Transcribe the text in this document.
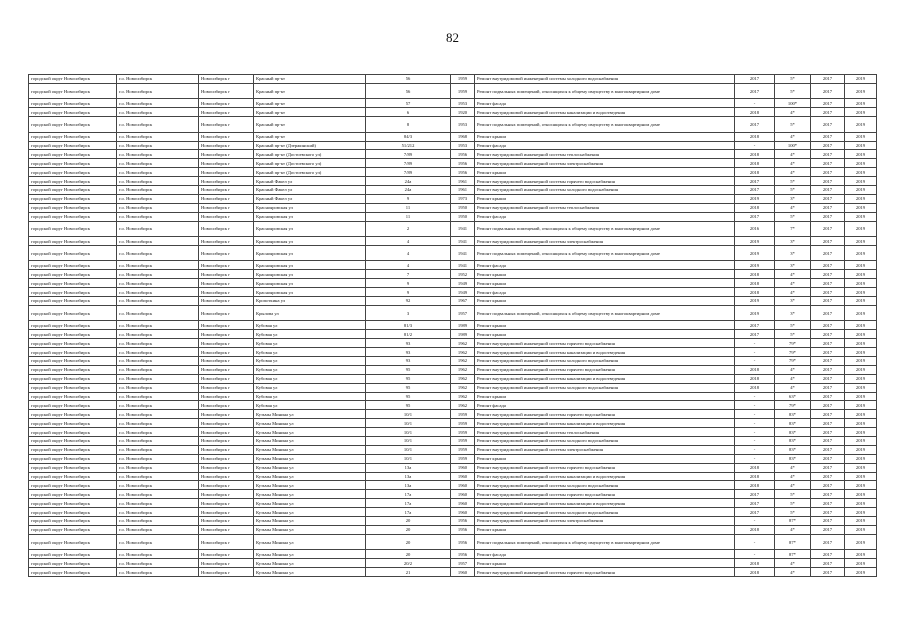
82
городской округ Новосибирск	г.о. Новосибирск	Новосибирск г	Красный пр-кт	56	1959	Ремонт внутридомовой инженерной системы холодного водоснабжения	2017	5*	2017	2019
городской округ Новосибирск	г.о. Новосибирск	Новосибирск г	Красный пр-кт	56	1959	Ремонт подвальных помещений, относящихся к общему имуществу в многоквартирном доме	2017	5*	2017	2019
городской округ Новосибирск	г.о. Новосибирск	Новосибирск г	Красный пр-кт	57	1953	Ремонт фасада	-	100*	2017	2019
городской округ Новосибирск	г.о. Новосибирск	Новосибирск г	Красный пр-кт	6	1920	Ремонт внутридомовой инженерной системы канализации и водоотведения	2018	4*	2017	2019
городской округ Новосибирск	г.о. Новосибирск	Новосибирск г	Красный пр-кт	8	1953	Ремонт подвальных помещений, относящихся к общему имуществу в многоквартирном доме	2017	5*	2017	2019
городской округ Новосибирск	г.о. Новосибирск	Новосибирск г	Красный пр-кт	84/3	1968	Ремонт крыши	2018	4*	2017	2019
городской округ Новосибирск	г.о. Новосибирск	Новосибирск г	Красный пр-кт (Дзержинский)	51/212	1953	Ремонт фасада	-	100*	2017	2019
городской округ Новосибирск	г.о. Новосибирск	Новосибирск г	Красный пр-кт (Достоевского ул)	7/89	1956	Ремонт внутридомовой инженерной системы теплоснабжения	2018	4*	2017	2019
городской округ Новосибирск	г.о. Новосибирск	Новосибирск г	Красный пр-кт (Достоевского ул)	7/89	1956	Ремонт внутридомовой инженерной системы электроснабжения	2018	4*	2017	2019
городской округ Новосибирск	г.о. Новосибирск	Новосибирск г	Красный пр-кт (Достоевского ул)	7/89	1956	Ремонт крыши	2018	4*	2017	2019
городской округ Новосибирск	г.о. Новосибирск	Новосибирск г	Красный Факел ул	24а	1961	Ремонт внутридомовой инженерной системы горячего водоснабжения	2017	5*	2017	2019
городской округ Новосибирск	г.о. Новосибирск	Новосибирск г	Красный Факел ул	24а	1961	Ремонт внутридомовой инженерной системы холодного водоснабжения	2017	5*	2017	2019
городской округ Новосибирск	г.о. Новосибирск	Новосибирск г	Красный Факел ул	9	1973	Ремонт крыши	2019	3*	2017	2019
городской округ Новосибирск	г.о. Новосибирск	Новосибирск г	Краснояровская ул	11	1950	Ремонт внутридомовой инженерной системы теплоснабжения	2018	4*	2017	2019
городской округ Новосибирск	г.о. Новосибирск	Новосибирск г	Краснояровская ул	11	1950	Ремонт фасада	2017	5*	2017	2019
городской округ Новосибирск	г.о. Новосибирск	Новосибирск г	Краснояровская ул	2	1941	Ремонт подвальных помещений, относящихся к общему имуществу в многоквартирном доме	2016	7*	2017	2019
городской округ Новосибирск	г.о. Новосибирск	Новосибирск г	Краснояровская ул	4	1941	Ремонт внутридомовой инженерной системы электроснабжения	2019	3*	2017	2019
городской округ Новосибирск	г.о. Новосибирск	Новосибирск г	Краснояровская ул	4	1941	Ремонт подвальных помещений, относящихся к общему имуществу в многоквартирном доме	2019	3*	2017	2019
городской округ Новосибирск	г.о. Новосибирск	Новосибирск г	Краснояровская ул	4	1941	Ремонт фасада	2019	3*	2017	2019
городской округ Новосибирск	г.о. Новосибирск	Новосибирск г	Краснояровская ул	7	1952	Ремонт крыши	2018	4*	2017	2019
городской округ Новосибирск	г.о. Новосибирск	Новосибирск г	Краснояровская ул	9	1949	Ремонт крыши	2018	4*	2017	2019
городской округ Новосибирск	г.о. Новосибирск	Новосибирск г	Краснояровская ул	9	1949	Ремонт фасада	2018	4*	2017	2019
городской округ Новосибирск	г.о. Новосибирск	Новосибирск г	Кропоткина ул	92	1967	Ремонт крыши	2019	3*	2017	2019
городской округ Новосибирск	г.о. Новосибирск	Новосибирск г	Крылова ул	3	1957	Ремонт подвальных помещений, относящихся к общему имуществу в многоквартирном доме	2019	3*	2017	2019
городской округ Новосибирск	г.о. Новосибирск	Новосибирск г	Кубовая ул	81/3	1989	Ремонт крыши	2017	5*	2017	2019
городской округ Новосибирск	г.о. Новосибирск	Новосибирск г	Кубовая ул	81/2	1989	Ремонт крыши	2017	5*	2017	2019
городской округ Новосибирск	г.о. Новосибирск	Новосибирск г	Кубовая ул	93	1962	Ремонт внутридомовой инженерной системы горячего водоснабжения	-	79*	2017	2019
городской округ Новосибирск	г.о. Новосибирск	Новосибирск г	Кубовая ул	93	1962	Ремонт внутридомовой инженерной системы канализации и водоотведения	-	79*	2017	2019
городской округ Новосибирск	г.о. Новосибирск	Новосибирск г	Кубовая ул	93	1962	Ремонт внутридомовой инженерной системы холодного водоснабжения	-	79*	2017	2019
городской округ Новосибирск	г.о. Новосибирск	Новосибирск г	Кубовая ул	95	1962	Ремонт внутридомовой инженерной системы горячего водоснабжения	2018	4*	2017	2019
городской округ Новосибирск	г.о. Новосибирск	Новосибирск г	Кубовая ул	95	1962	Ремонт внутридомовой инженерной системы канализации и водоотведения	2018	4*	2017	2019
городской округ Новосибирск	г.о. Новосибирск	Новосибирск г	Кубовая ул	95	1962	Ремонт внутридомовой инженерной системы холодного водоснабжения	2018	4*	2017	2019
городской округ Новосибирск	г.о. Новосибирск	Новосибирск г	Кубовая ул	95	1962	Ремонт крыши	-	63*	2017	2019
городской округ Новосибирск	г.о. Новосибирск	Новосибирск г	Кубовая ул	95	1962	Ремонт фасада	-	79*	2017	2019
городской округ Новосибирск	г.о. Новосибирск	Новосибирск г	Кузьмы Минина ул	10/1	1959	Ремонт внутридомовой инженерной системы горячего водоснабжения	-	83*	2017	2019
городской округ Новосибирск	г.о. Новосибирск	Новосибирск г	Кузьмы Минина ул	10/1	1959	Ремонт внутридомовой инженерной системы канализации и водоотведения	-	83*	2017	2019
городской округ Новосибирск	г.о. Новосибирск	Новосибирск г	Кузьмы Минина ул	10/1	1959	Ремонт внутридомовой инженерной системы теплоснабжения	-	83*	2017	2019
городской округ Новосибирск	г.о. Новосибирск	Новосибирск г	Кузьмы Минина ул	10/1	1959	Ремонт внутридомовой инженерной системы холодного водоснабжения	-	83*	2017	2019
городской округ Новосибирск	г.о. Новосибирск	Новосибирск г	Кузьмы Минина ул	10/1	1959	Ремонт внутридомовой инженерной системы электроснабжения	-	83*	2017	2019
городской округ Новосибирск	г.о. Новосибирск	Новосибирск г	Кузьмы Минина ул	10/1	1959	Ремонт крыши	-	83*	2017	2019
городской округ Новосибирск	г.о. Новосибирск	Новосибирск г	Кузьмы Минина ул	13а	1960	Ремонт внутридомовой инженерной системы горячего водоснабжения	2018	4*	2017	2019
городской округ Новосибирск	г.о. Новосибирск	Новосибирск г	Кузьмы Минина ул	13а	1960	Ремонт внутридомовой инженерной системы канализации и водоотведения	2018	4*	2017	2019
городской округ Новосибирск	г.о. Новосибирск	Новосибирск г	Кузьмы Минина ул	13а	1960	Ремонт внутридомовой инженерной системы холодного водоснабжения	2018	4*	2017	2019
городской округ Новосибирск	г.о. Новосибирск	Новосибирск г	Кузьмы Минина ул	17а	1960	Ремонт внутридомовой инженерной системы горячего водоснабжения	2017	5*	2017	2019
городской округ Новосибирск	г.о. Новосибирск	Новосибирск г	Кузьмы Минина ул	17а	1960	Ремонт внутридомовой инженерной системы канализации и водоотведения	2017	5*	2017	2019
городской округ Новосибирск	г.о. Новосибирск	Новосибирск г	Кузьмы Минина ул	17а	1960	Ремонт внутридомовой инженерной системы холодного водоснабжения	2017	5*	2017	2019
городской округ Новосибирск	г.о. Новосибирск	Новосибирск г	Кузьмы Минина ул	20	1956	Ремонт внутридомовой инженерной системы электроснабжения	-	87*	2017	2019
городской округ Новосибирск	г.о. Новосибирск	Новосибирск г	Кузьмы Минина ул	20	1956	Ремонт крыши	2018	4*	2017	2019
городской округ Новосибирск	г.о. Новосибирск	Новосибирск г	Кузьмы Минина ул	20	1956	Ремонт подвальных помещений, относящихся к общему имуществу в многоквартирном доме	-	87*	2017	2019
городской округ Новосибирск	г.о. Новосибирск	Новосибирск г	Кузьмы Минина ул	20	1956	Ремонт фасада	-	87*	2017	2019
городской округ Новосибирск	г.о. Новосибирск	Новосибирск г	Кузьмы Минина ул	20/2	1957	Ремонт крыши	2018	4*	2017	2019
городской округ Новосибирск	г.о. Новосибирск	Новосибирск г	Кузьмы Минина ул	21	1960	Ремонт внутридомовой инженерной системы горячего водоснабжения	2018	4*	2017	2019
